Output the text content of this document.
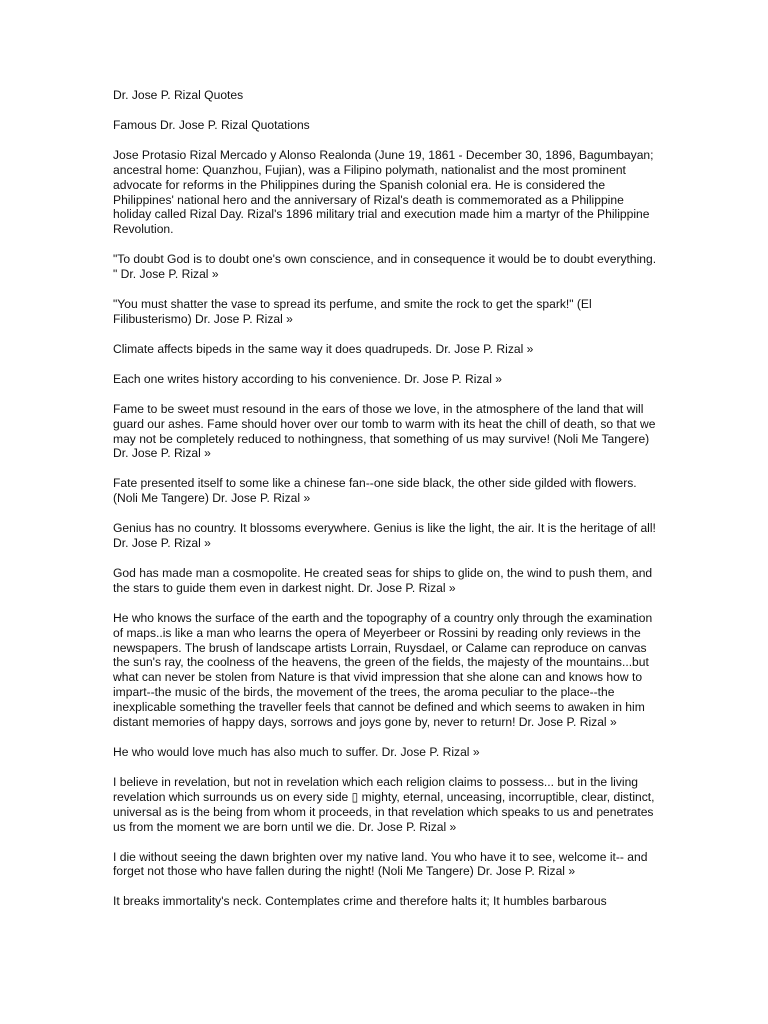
Dr. Jose P. Rizal Quotes

Famous Dr. Jose P. Rizal Quotations

Jose Protasio Rizal Mercado y Alonso Realonda (June 19, 1861 - December 30, 1896, Bagumbayan; ancestral home: Quanzhou, Fujian), was a Filipino polymath, nationalist and the most prominent advocate for reforms in the Philippines during the Spanish colonial era. He is considered the Philippines' national hero and the anniversary of Rizal's death is commemorated as a Philippine holiday called Rizal Day. Rizal's 1896 military trial and execution made him a martyr of the Philippine Revolution.

"To doubt God is to doubt one's own conscience, and in consequence it would be to doubt everything. " Dr. Jose P. Rizal »

"You must shatter the vase to spread its perfume, and smite the rock to get the spark!" (El Filibusterismo) Dr. Jose P. Rizal »

Climate affects bipeds in the same way it does quadrupeds. Dr. Jose P. Rizal »

Each one writes history according to his convenience. Dr. Jose P. Rizal »

Fame to be sweet must resound in the ears of those we love, in the atmosphere of the land that will guard our ashes. Fame should hover over our tomb to warm with its heat the chill of death, so that we may not be completely reduced to nothingness, that something of us may survive! (Noli Me Tangere) Dr. Jose P. Rizal »

Fate presented itself to some like a chinese fan--one side black, the other side gilded with flowers. (Noli Me Tangere) Dr. Jose P. Rizal »

Genius has no country. It blossoms everywhere. Genius is like the light, the air. It is the heritage of all! Dr. Jose P. Rizal »

God has made man a cosmopolite. He created seas for ships to glide on, the wind to push them, and the stars to guide them even in darkest night. Dr. Jose P. Rizal »

He who knows the surface of the earth and the topography of a country only through the examination of maps..is like a man who learns the opera of Meyerbeer or Rossini by reading only reviews in the newspapers. The brush of landscape artists Lorrain, Ruysdael, or Calame can reproduce on canvas the sun's ray, the coolness of the heavens, the green of the fields, the majesty of the mountains...but what can never be stolen from Nature is that vivid impression that she alone can and knows how to impart--the music of the birds, the movement of the trees, the aroma peculiar to the place--the inexplicable something the traveller feels that cannot be defined and which seems to awaken in him distant memories of happy days, sorrows and joys gone by, never to return! Dr. Jose P. Rizal »

He who would love much has also much to suffer. Dr. Jose P. Rizal »

I believe in revelation, but not in revelation which each religion claims to possess... but in the living revelation which surrounds us on every side ▯ mighty, eternal, unceasing, incorruptible, clear, distinct, universal as is the being from whom it proceeds, in that revelation which speaks to us and penetrates us from the moment we are born until we die. Dr. Jose P. Rizal »

I die without seeing the dawn brighten over my native land. You who have it to see, welcome it-- and forget not those who have fallen during the night! (Noli Me Tangere) Dr. Jose P. Rizal »

It breaks immortality's neck. Contemplates crime and therefore halts it; It humbles barbarous
